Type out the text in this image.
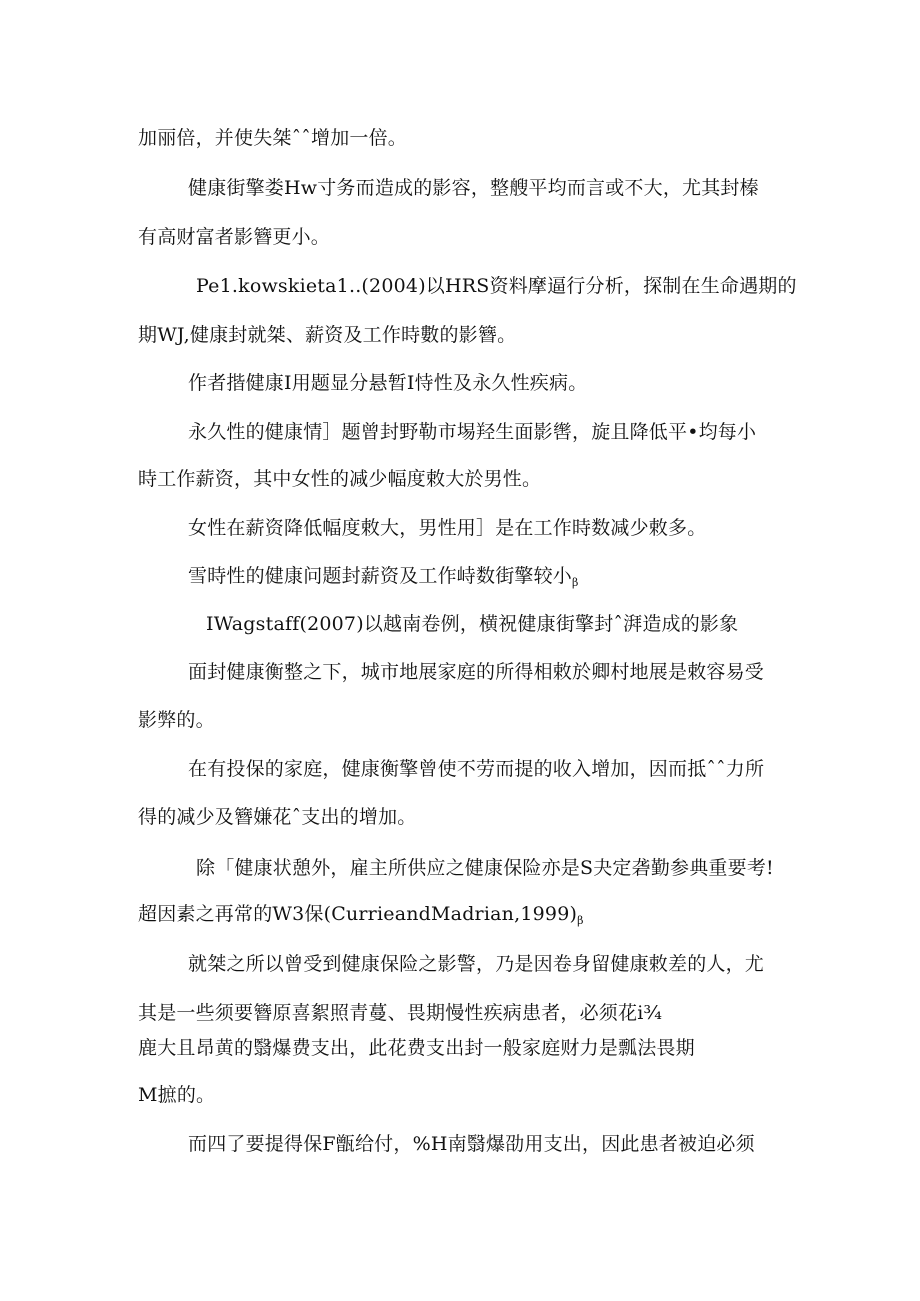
加丽倍，并使失桀ˆˆ增加一倍。
健康街擎娄Hw寸务而造成的影容，整艘平均而言或不大，尤其封榛
有高财富者影簪更小。
Pe1.kowskieta1..(2004)以HRS资料摩逼行分析，探制在生命遇期的
期WJ,健康封就桀、薪资及工作時數的影簪。
作者揩健康I用题显分悬暂I恃性及永久性疾病。
永久性的健康情］题曾封野勒市埸羟生面影辔，旋且降低平•均每小
時工作薪资，其中女性的减少幅度敕大於男性。
女性在薪资降低幅度敕大，男性用］是在工作時数减少敕多。
雪時性的健康问题封薪资及工作峙数街擎较小$_\beta$
IWagstaff(2007)以越南卷例，横祝健康街擎封ˆ湃造成的影象
面封健康衡整之下，城市地展家庭的所得相敕於卿村地展是敕容易受
影弊的。
在有投保的家庭，健康衡擎曾使不劳而提的收入增加，因而抵ˆˆ力所
得的减少及簪嫌花ˆ支出的增加。
除「健康状憩外，雇主所供应之健康保险亦是S夬定砻勤参典重要考!
超因素之再常的W3保$(CurrieandMadrian,1999)_\beta$
就桀之所以曾受到健康保险之影警，乃是因卷身留健康敕差的人，尤
其是一些须要簪原喜絮照青蔓、畏期慢性疾病患者，必须花i¾
鹿大且昂黄的翳爆费支出，此花费支出封一般家庭财力是瓢法畏期
M摭的。
而四了要提得保F甑给付，%H南翳爆劭用支出，因此患者被迫必须
